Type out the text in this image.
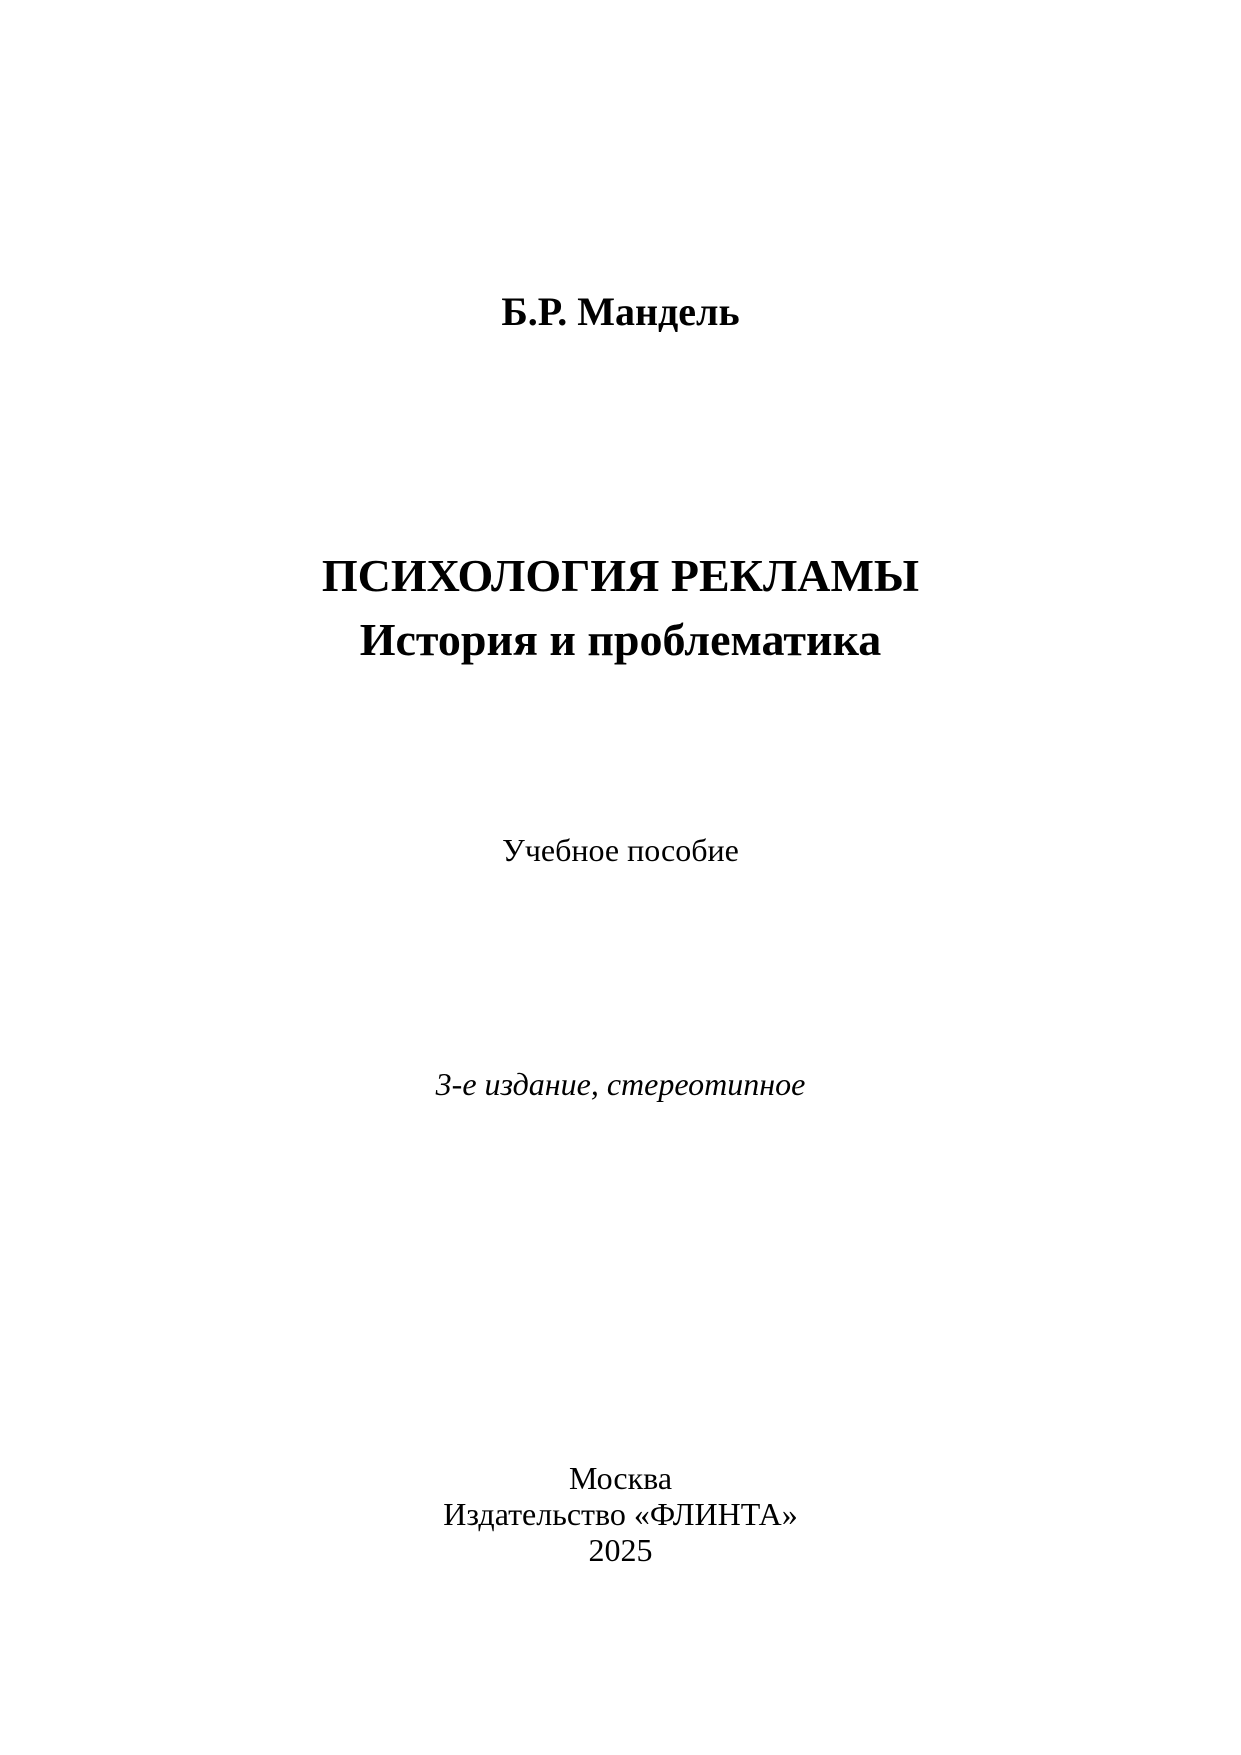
Б.Р. Мандель

ПСИХОЛОГИЯ РЕКЛАМЫ
История и проблематика

Учебное пособие

3-е издание, стереотипное

Москва
Издательство «ФЛИНТА»
2025
